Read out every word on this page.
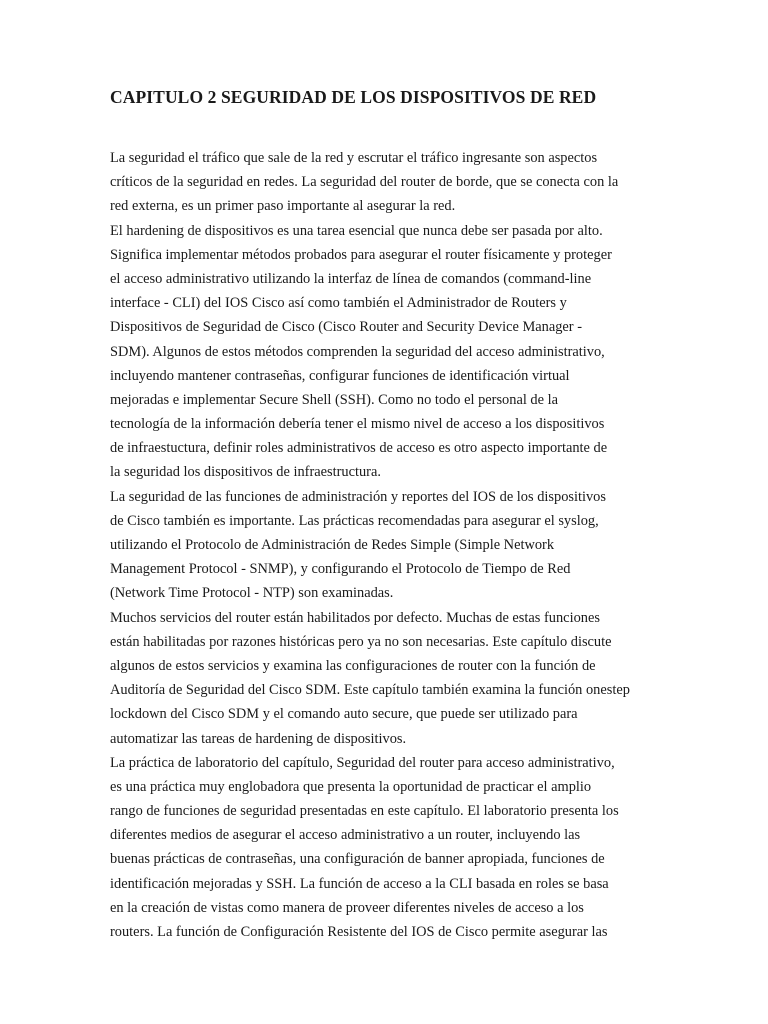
CAPITULO 2 SEGURIDAD DE LOS DISPOSITIVOS DE RED
La seguridad el tráfico que sale de la red y escrutar el tráfico ingresante son aspectos
críticos de la seguridad en redes. La seguridad del router de borde, que se conecta con la
red externa, es un primer paso importante al asegurar la red.
El hardening de dispositivos es una tarea esencial que nunca debe ser pasada por alto.
Significa implementar métodos probados para asegurar el router físicamente y proteger
el acceso administrativo utilizando la interfaz de línea de comandos (command-line
interface - CLI) del IOS Cisco así como también el Administrador de Routers y
Dispositivos de Seguridad de Cisco (Cisco Router and Security Device Manager -
SDM). Algunos de estos métodos comprenden la seguridad del acceso administrativo,
incluyendo mantener contraseñas, configurar funciones de identificación virtual
mejoradas e implementar Secure Shell (SSH). Como no todo el personal de la
tecnología de la información debería tener el mismo nivel de acceso a los dispositivos
de infraestuctura, definir roles administrativos de acceso es otro aspecto importante de
la seguridad los dispositivos de infraestructura.
La seguridad de las funciones de administración y reportes del IOS de los dispositivos
de Cisco también es importante. Las prácticas recomendadas para asegurar el syslog,
utilizando el Protocolo de Administración de Redes Simple (Simple Network
Management Protocol - SNMP), y configurando el Protocolo de Tiempo de Red
(Network Time Protocol - NTP) son examinadas.
Muchos servicios del router están habilitados por defecto. Muchas de estas funciones
están habilitadas por razones históricas pero ya no son necesarias. Este capítulo discute
algunos de estos servicios y examina las configuraciones de router con la función de
Auditoría de Seguridad del Cisco SDM. Este capítulo también examina la función onestep
lockdown del Cisco SDM y el comando auto secure, que puede ser utilizado para
automatizar las tareas de hardening de dispositivos.
La práctica de laboratorio del capítulo, Seguridad del router para acceso administrativo,
es una práctica muy englobadora que presenta la oportunidad de practicar el amplio
rango de funciones de seguridad presentadas en este capítulo. El laboratorio presenta los
diferentes medios de asegurar el acceso administrativo a un router, incluyendo las
buenas prácticas de contraseñas, una configuración de banner apropiada, funciones de
identificación mejoradas y SSH. La función de acceso a la CLI basada en roles se basa
en la creación de vistas como manera de proveer diferentes niveles de acceso a los
routers. La función de Configuración Resistente del IOS de Cisco permite asegurar las
